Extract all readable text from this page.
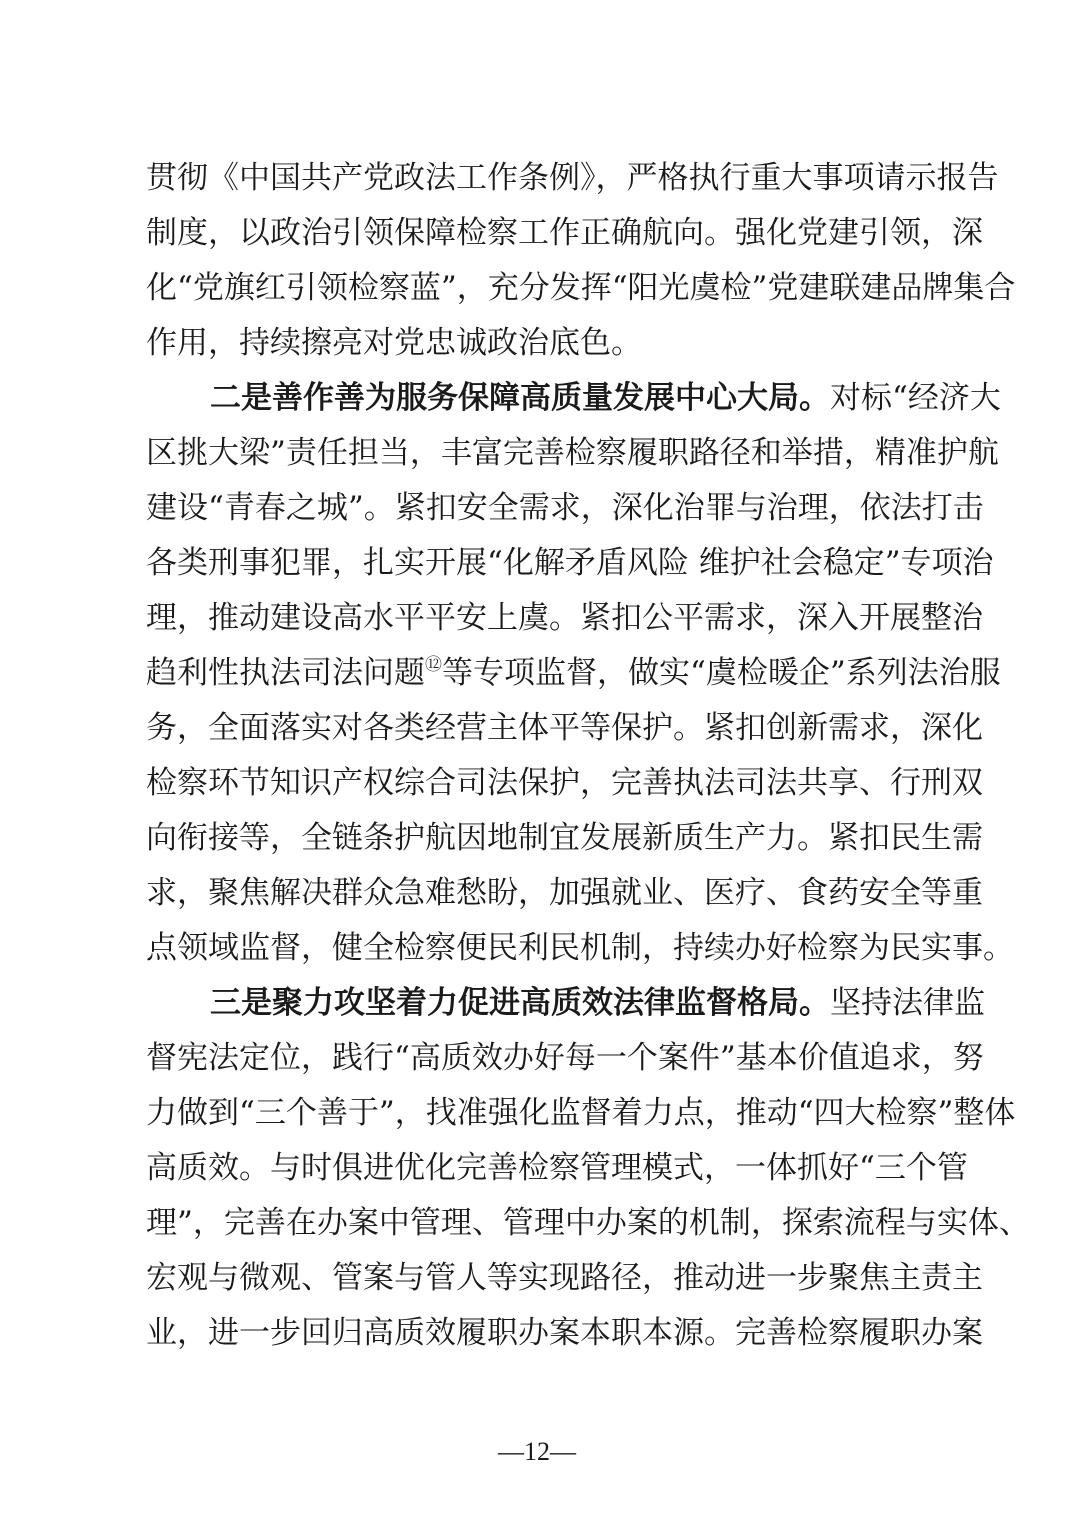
贯彻《中国共产党政法工作条例》，严格执行重大事项请示报告
制度，以政治引领保障检察工作正确航向。强化党建引领，深
化“党旗红引领检察蓝”，充分发挥“阳光虞检”党建联建品牌集合
作用，持续擦亮对党忠诚政治底色。
二是善作善为服务保障高质量发展中心大局。对标“经济大
区挑大梁”责任担当，丰富完善检察履职路径和举措，精准护航
建设“青春之城”。紧扣安全需求，深化治罪与治理，依法打击
各类刑事犯罪，扎实开展“化解矛盾风险 维护社会稳定”专项治
理，推动建设高水平平安上虞。紧扣公平需求，深入开展整治
趋利性执法司法问题⑫等专项监督，做实“虞检暖企”系列法治服
务，全面落实对各类经营主体平等保护。紧扣创新需求，深化
检察环节知识产权综合司法保护，完善执法司法共享、行刑双
向衔接等，全链条护航因地制宜发展新质生产力。紧扣民生需
求，聚焦解决群众急难愁盼，加强就业、医疗、食药安全等重
点领域监督，健全检察便民利民机制，持续办好检察为民实事。
三是聚力攻坚着力促进高质效法律监督格局。坚持法律监
督宪法定位，践行“高质效办好每一个案件”基本价值追求，努
力做到“三个善于”，找准强化监督着力点，推动“四大检察”整体
高质效。与时俱进优化完善检察管理模式，一体抓好“三个管
理”，完善在办案中管理、管理中办案的机制，探索流程与实体、
宏观与微观、管案与管人等实现路径，推动进一步聚焦主责主
业，进一步回归高质效履职办案本职本源。完善检察履职办案
—12—
